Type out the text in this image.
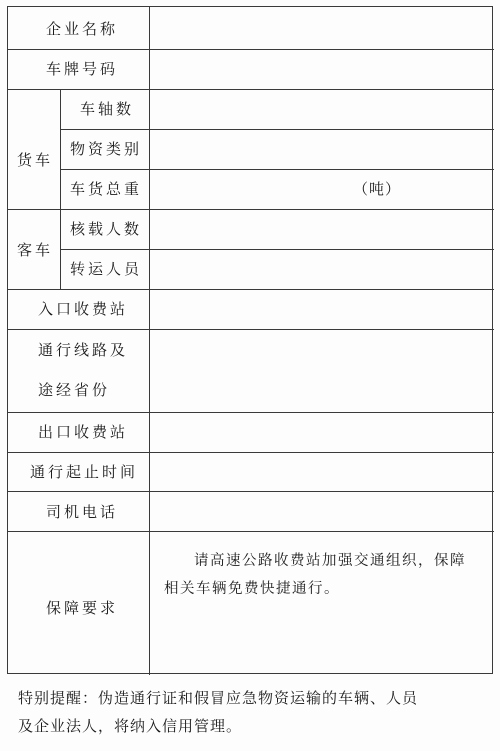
企业名称
车牌号码
货车
车轴数
物资类别
车货总重	（吨）
客车
核载人数
转运人员
入口收费站
通行线路及
途经省份
出口收费站
通行起止时间
司机电话
保障要求
请高速公路收费站加强交通组织，保障
相关车辆免费快捷通行。
特别提醒：伪造通行证和假冒应急物资运输的车辆、人员
及企业法人，将纳入信用管理。
